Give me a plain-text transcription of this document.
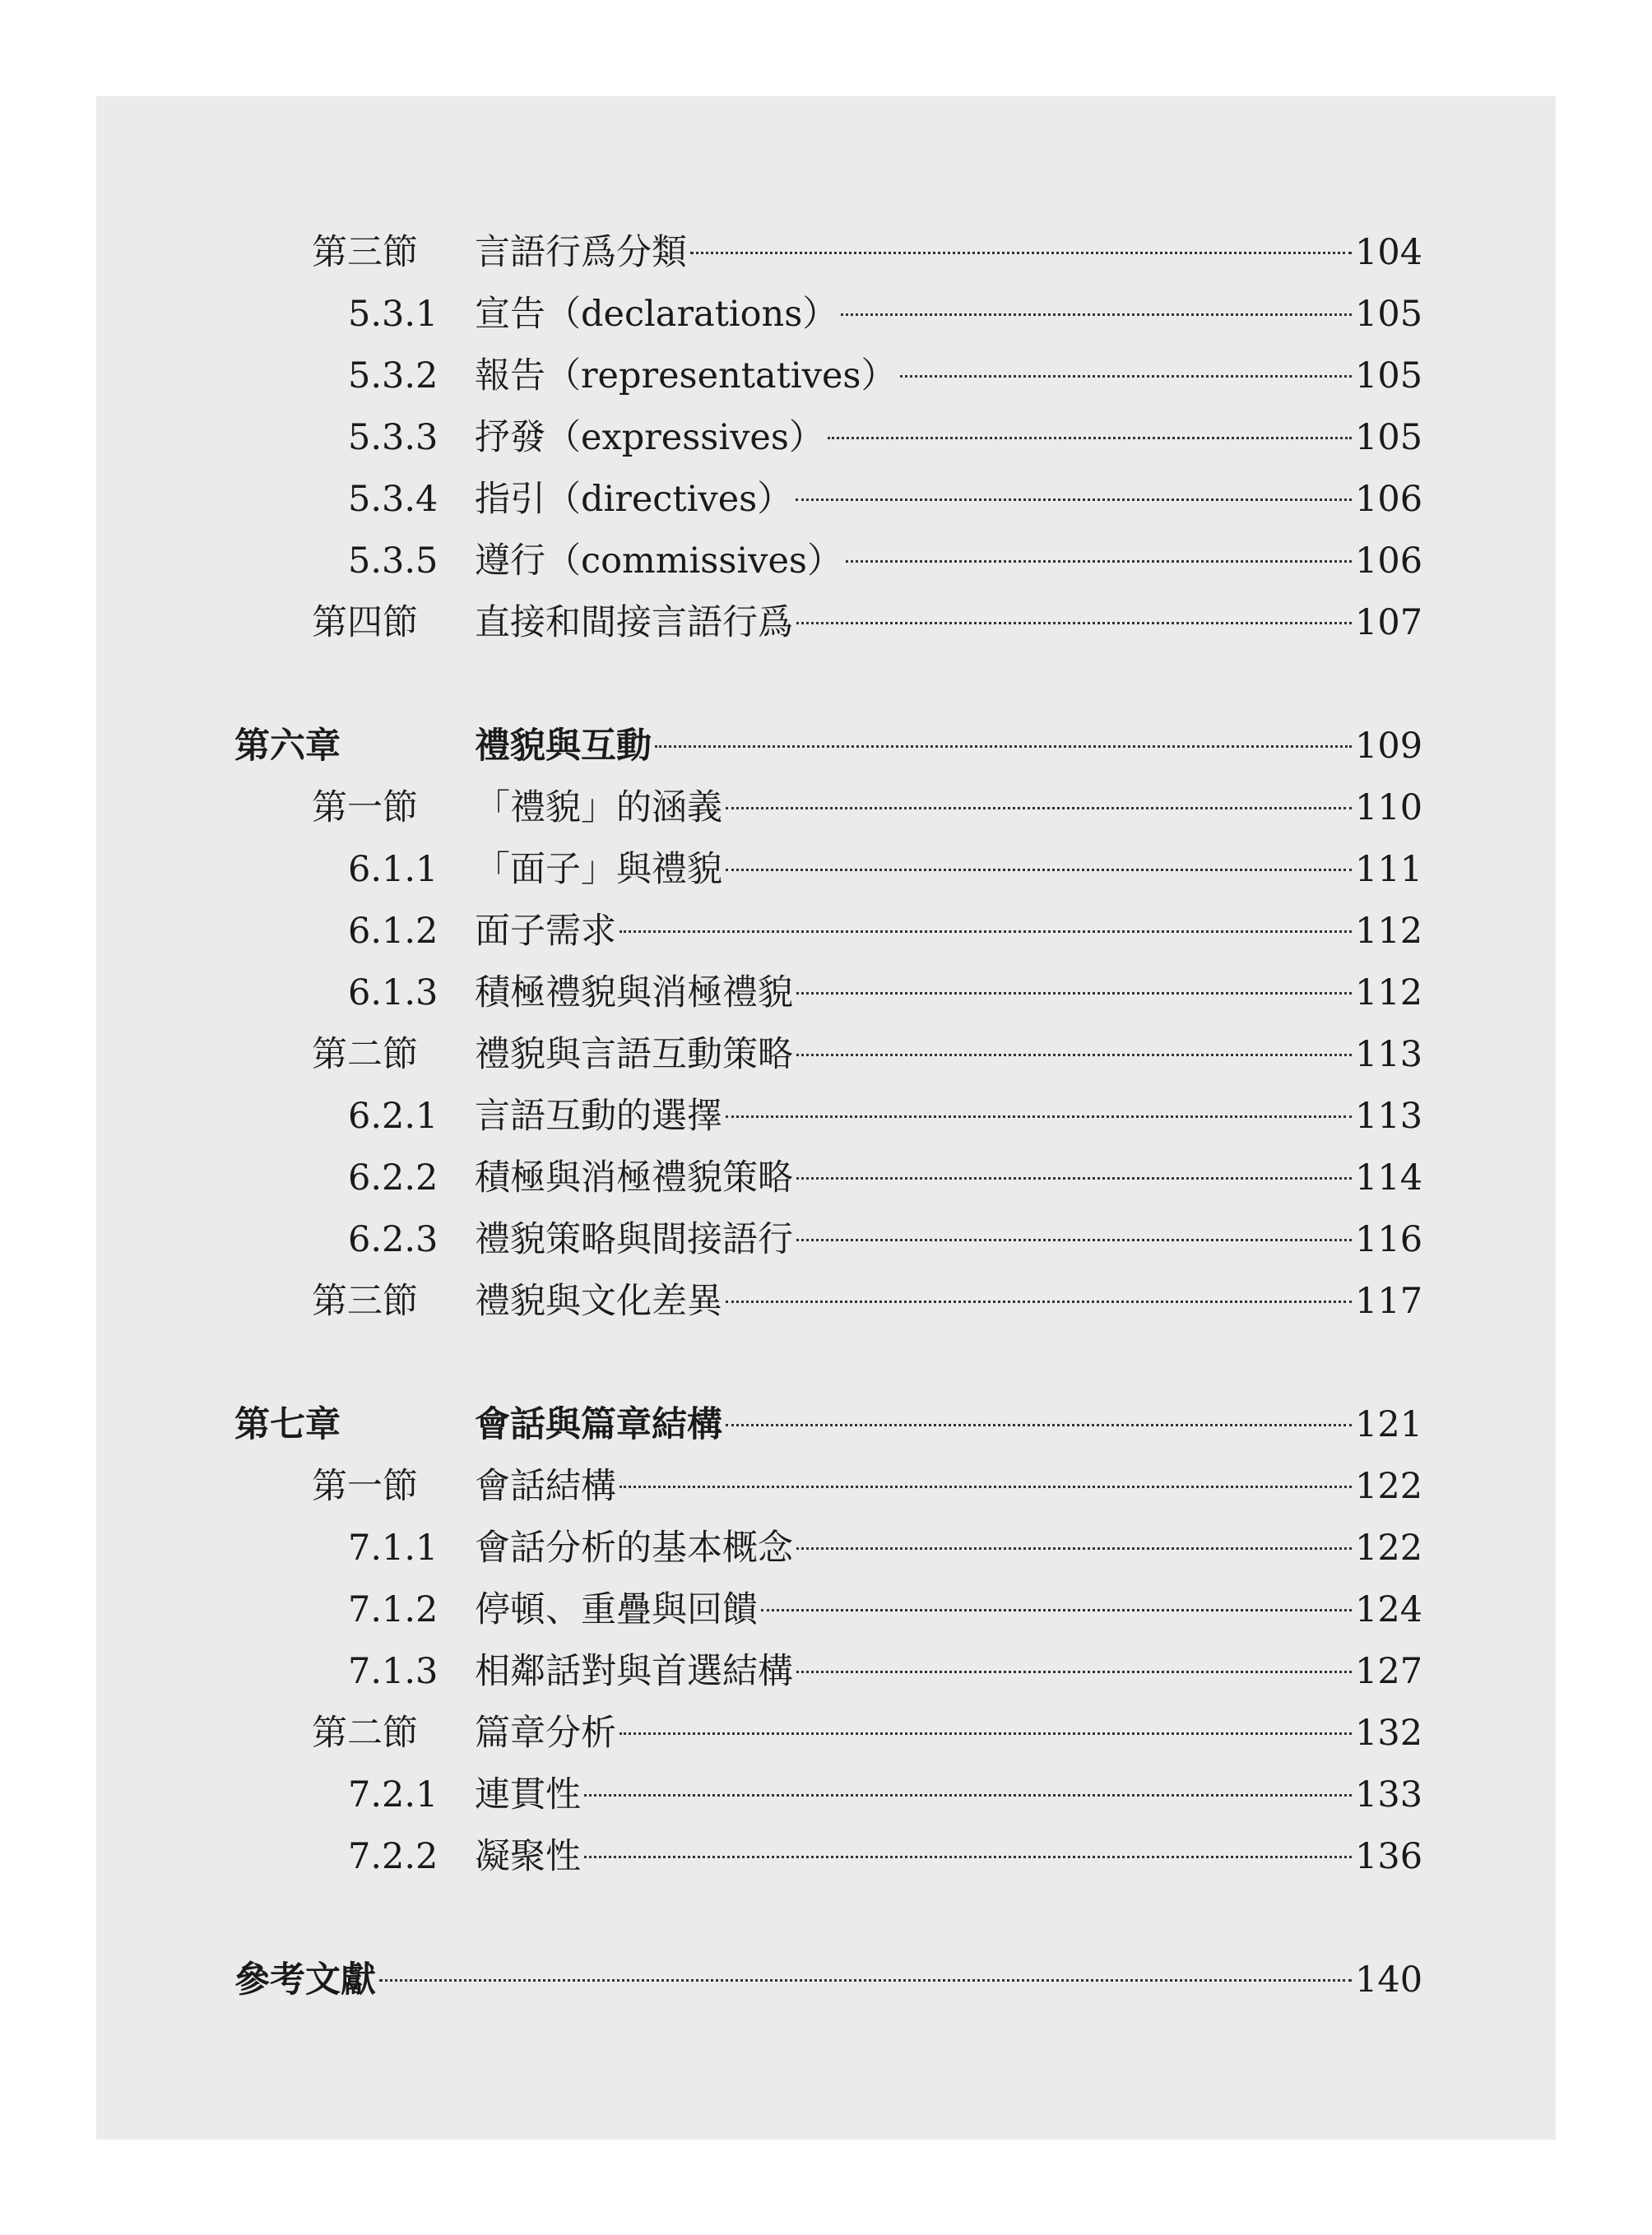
第三節 言語行爲分類	104
5.3.1 宣告（declarations）	105
5.3.2 報告（representatives）	105
5.3.3 抒發（expressives）	105
5.3.4 指引（directives）	106
5.3.5 遵行（commissives）	106
第四節 直接和間接言語行爲	107
第六章	禮貌與互動	109
第一節 「禮貌」的涵義	110
6.1.1 「面子」與禮貌	111
6.1.2 面子需求	112
6.1.3 積極禮貌與消極禮貌	112
第二節 禮貌與言語互動策略	113
6.2.1 言語互動的選擇	113
6.2.2 積極與消極禮貌策略	114
6.2.3 禮貌策略與間接語行	116
第三節 禮貌與文化差異	117
第七章	會話與篇章結構	121
第一節 會話結構	122
7.1.1 會話分析的基本概念	122
7.1.2 停頓、重疊與回饋	124
7.1.3 相鄰話對與首選結構	127
第二節 篇章分析	132
7.2.1 連貫性	133
7.2.2 凝聚性	136
參考文獻	140
